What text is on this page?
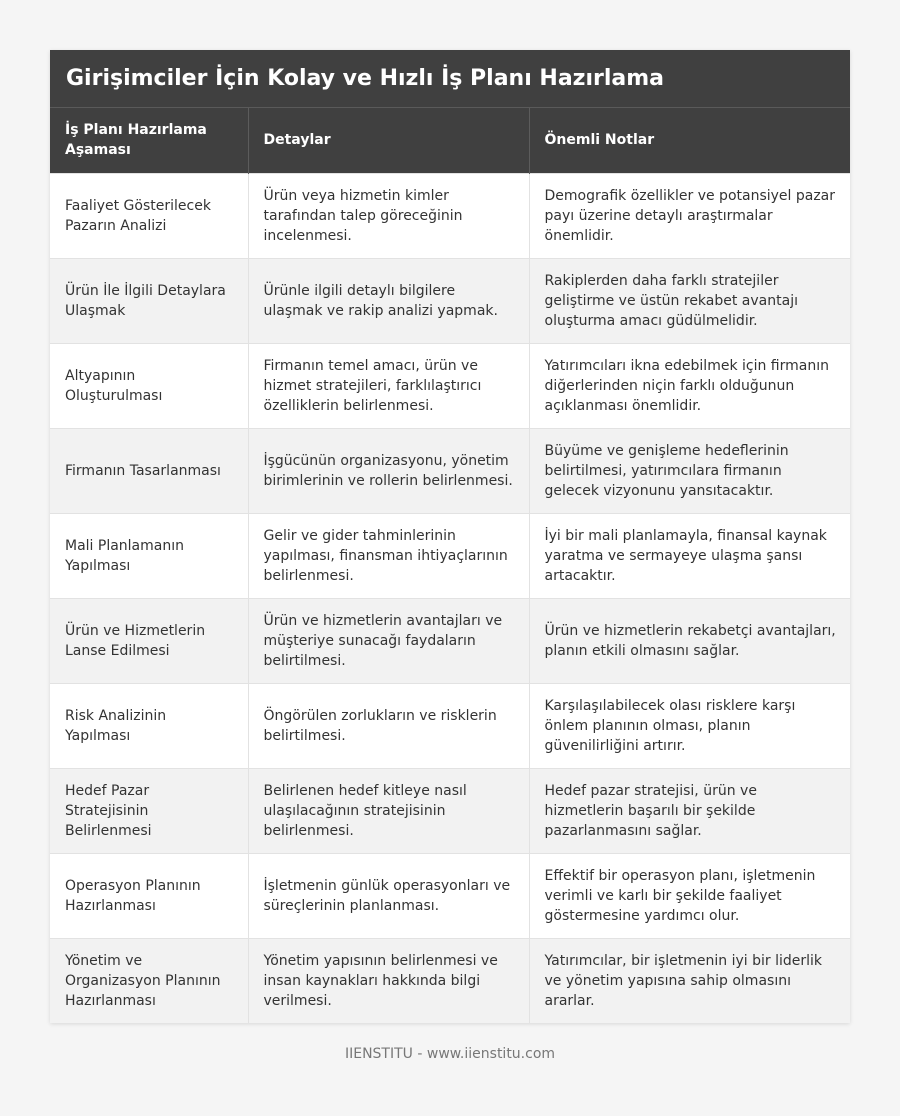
Girişimciler İçin Kolay ve Hızlı İş Planı Hazırlama
İş Planı Hazırlama Aşaması	Detaylar	Önemli Notlar
Faaliyet Gösterilecek Pazarın Analizi	Ürün veya hizmetin kimler tarafından talep göreceğinin incelenmesi.	Demografik özellikler ve potansiyel pazar payı üzerine detaylı araştırmalar önemlidir.
Ürün İle İlgili Detaylara Ulaşmak	Ürünle ilgili detaylı bilgilere ulaşmak ve rakip analizi yapmak.	Rakiplerden daha farklı stratejiler geliştirme ve üstün rekabet avantajı oluşturma amacı güdülmelidir.
Altyapının Oluşturulması	Firmanın temel amacı, ürün ve hizmet stratejileri, farklılaştırıcı özelliklerin belirlenmesi.	Yatırımcıları ikna edebilmek için firmanın diğerlerinden niçin farklı olduğunun açıklanması önemlidir.
Firmanın Tasarlanması	İşgücünün organizasyonu, yönetim birimlerinin ve rollerin belirlenmesi.	Büyüme ve genişleme hedeflerinin belirtilmesi, yatırımcılara firmanın gelecek vizyonunu yansıtacaktır.
Mali Planlamanın Yapılması	Gelir ve gider tahminlerinin yapılması, finansman ihtiyaçlarının belirlenmesi.	İyi bir mali planlamayla, finansal kaynak yaratma ve sermayeye ulaşma şansı artacaktır.
Ürün ve Hizmetlerin Lanse Edilmesi	Ürün ve hizmetlerin avantajları ve müşteriye sunacağı faydaların belirtilmesi.	Ürün ve hizmetlerin rekabetçi avantajları, planın etkili olmasını sağlar.
Risk Analizinin Yapılması	Öngörülen zorlukların ve risklerin belirtilmesi.	Karşılaşılabilecek olası risklere karşı önlem planının olması, planın güvenilirliğini artırır.
Hedef Pazar Stratejisinin Belirlenmesi	Belirlenen hedef kitleye nasıl ulaşılacağının stratejisinin belirlenmesi.	Hedef pazar stratejisi, ürün ve hizmetlerin başarılı bir şekilde pazarlanmasını sağlar.
Operasyon Planının Hazırlanması	İşletmenin günlük operasyonları ve süreçlerinin planlanması.	Effektif bir operasyon planı, işletmenin verimli ve karlı bir şekilde faaliyet göstermesine yardımcı olur.
Yönetim ve Organizasyon Planının Hazırlanması	Yönetim yapısının belirlenmesi ve insan kaynakları hakkında bilgi verilmesi.	Yatırımcılar, bir işletmenin iyi bir liderlik ve yönetim yapısına sahip olmasını ararlar.
IIENSTITU - www.iienstitu.com
